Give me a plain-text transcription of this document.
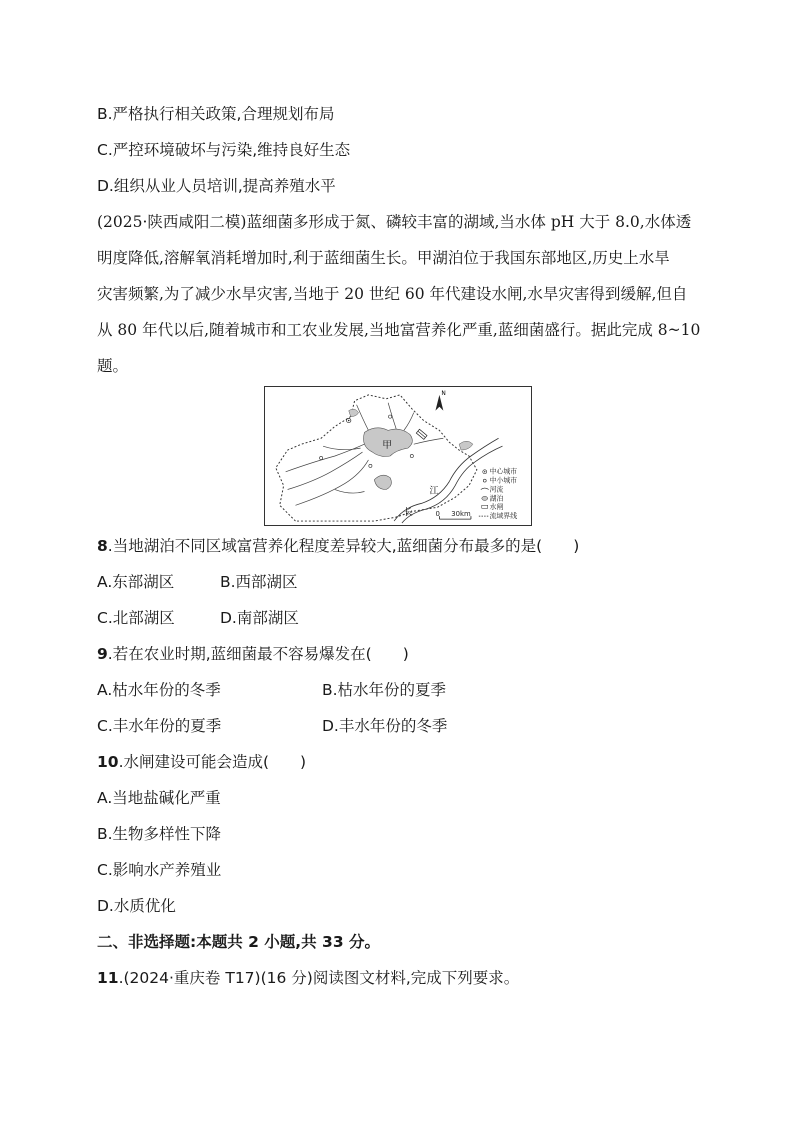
B.严格执行相关政策,合理规划布局
C.严控环境破坏与污染,维持良好生态
D.组织从业人员培训,提高养殖水平
(2025·陕西咸阳二模)蓝细菌多形成于氮、磷较丰富的湖域,当水体 pH 大于 8.0,水体透
明度降低,溶解氧消耗增加时,利于蓝细菌生长。甲湖泊位于我国东部地区,历史上水旱
灾害频繁,为了减少水旱灾害,当地于 20 世纪 60 年代建设水闸,水旱灾害得到缓解,但自
从 80 年代以后,随着城市和工农业发展,当地富营养化严重,蓝细菌盛行。据此完成 8~10
题。
甲
江
长
N
0 30km
中心城市
中小城市
河流
湖泊
水闸
流域界线
8.当地湖泊不同区域富营养化程度差异较大,蓝细菌分布最多的是(　　)
A.东部湖区	B.西部湖区
C.北部湖区	D.南部湖区
9.若在农业时期,蓝细菌最不容易爆发在(　　)
A.枯水年份的冬季	B.枯水年份的夏季
C.丰水年份的夏季	D.丰水年份的冬季
10.水闸建设可能会造成(　　)
A.当地盐碱化严重
B.生物多样性下降
C.影响水产养殖业
D.水质优化
二、非选择题:本题共 2 小题,共 33 分。
11.(2024·重庆卷 T17)(16 分)阅读图文材料,完成下列要求。
